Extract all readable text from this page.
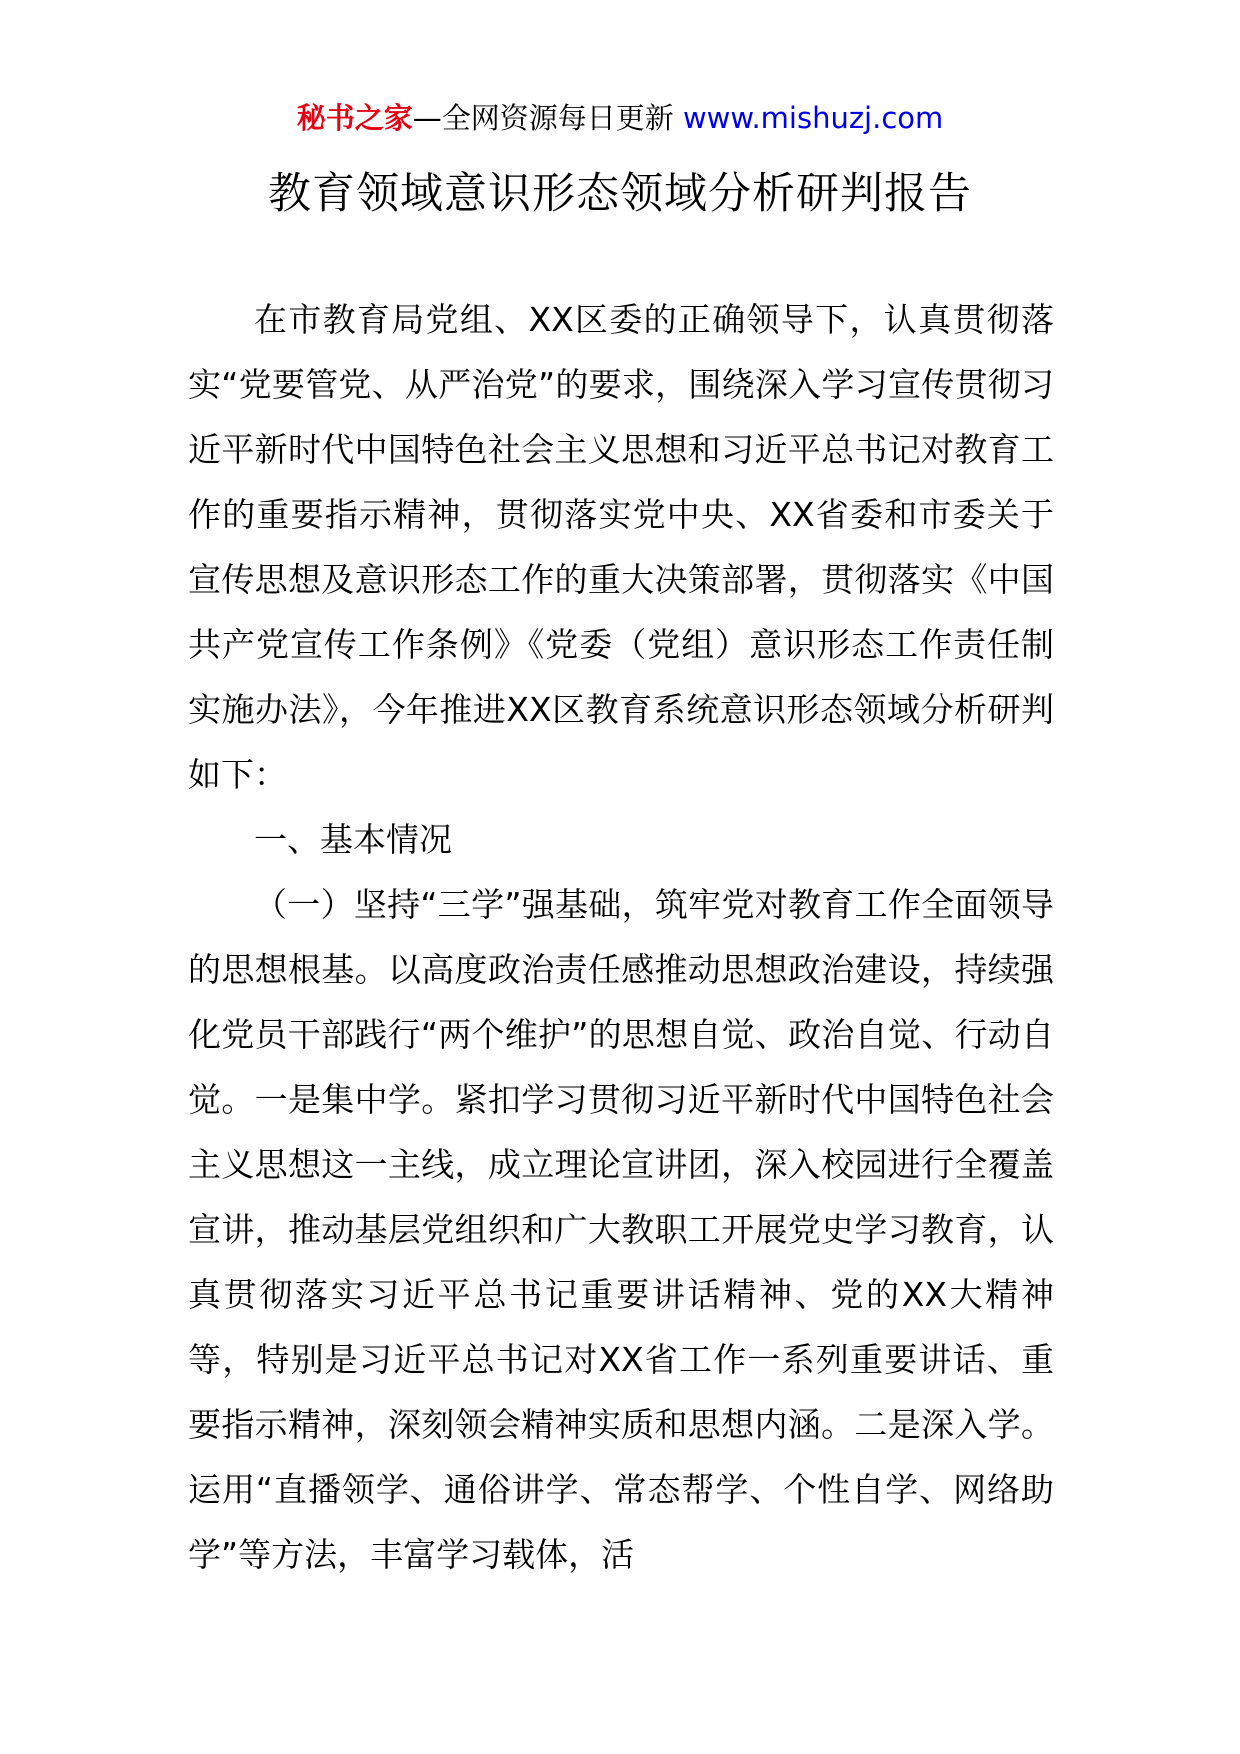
秘书之家—全网资源每日更新 www.mishuzj.com
教育领域意识形态领域分析研判报告

在市教育局党组、XX区委的正确领导下，认真贯彻落实“党要管党、从严治党”的要求，围绕深入学习宣传贯彻习近平新时代中国特色社会主义思想和习近平总书记对教育工作的重要指示精神，贯彻落实党中央、XX省委和市委关于宣传思想及意识形态工作的重大决策部署，贯彻落实《中国共产党宣传工作条例》《党委（党组）意识形态工作责任制实施办法》，今年推进XX区教育系统意识形态领域分析研判如下：

一、基本情况

（一）坚持“三学”强基础，筑牢党对教育工作全面领导的思想根基。以高度政治责任感推动思想政治建设，持续强化党员干部践行“两个维护”的思想自觉、政治自觉、行动自觉。一是集中学。紧扣学习贯彻习近平新时代中国特色社会主义思想这一主线，成立理论宣讲团，深入校园进行全覆盖宣讲，推动基层党组织和广大教职工开展党史学习教育，认真贯彻落实习近平总书记重要讲话精神、党的XX大精神等，特别是习近平总书记对XX省工作一系列重要讲话、重要指示精神，深刻领会精神实质和思想内涵。二是深入学。运用“直播领学、通俗讲学、常态帮学、个性自学、网络助学”等方法，丰富学习载体，活
